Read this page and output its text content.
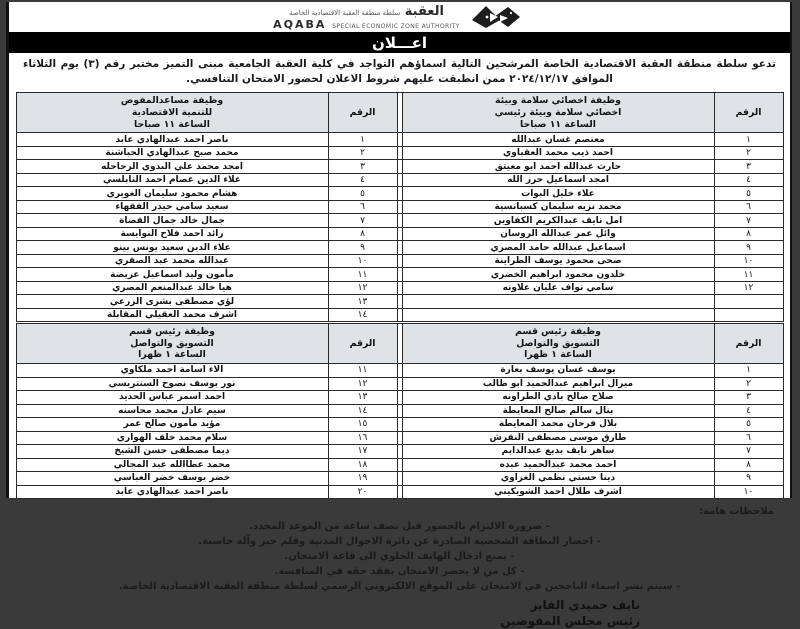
العقبة سلطة منطقة العقبة الاقتصادية الخاصة
AQABA SPECIAL ECONOMIC ZONE AUTHORITY
اعـــلان
تدعو سلطة منطقة العقبة الاقتصادية الخاصة المرشحين التالية اسماؤهم التواجد في كلية العقبة الجامعية مبنى التميز مختبر رقم (٣) يوم الثلاثاء الموافق ٢٠٢٤/١٢/١٧ ممن انطبقت عليهم شروط الاعلان لحضور الامتحان التنافسي.
الرقم	وظيفة اخصائي سلامة وبيئة
اخصائي سلامة وبيئة رئيسي
الساعة ١١ صباحا		الرقم	وظيفة مساعدالمفوض
للتنمية الاقتصادية
الساعة ١١ صباحا

١	معتصم غسان عبدالله		١	ناصر احمد عبدالهادي عابد
٢	احمد ذيب محمد العقباوي		٢	محمد صبح عبدالهادي الحباشنة
٣	حارث عبدالله احمد ابو معيتق		٣	امجد محمد علي البدوي الرحاحله
٤	امجد اسماعيل حرز الله		٤	علاء الدين عصام احمد النابلسي
٥	علاء خليل البوات		٥	هشام محمود سليمان الغويري
٦	محمد نزيه سليمان كسبانسية		٦	سعيد سامي حيدر الفقهاء
٧	امل نايف عبدالكريم الكفاوين		٧	جمال خالد جمال القضاة
٨	وائل عمر عبدالله الروسان		٨	رائد احمد فلاح النوايسة
٩	اسماعيل عبدالله حامد المصري		٩	علاء الدين سعيد يونس بينو
١٠	ضحى محمود يوسف الطراينة		١٠	عبدالله محمد عبد الصقري
١١	خلدون محمود ابراهيم الخضري		١١	مأمون وليد اسماعيل عريضة
١٢	سامي نواف عليان علاونه		١٢	هيا خالد عبدالمنعم المصري
			١٣	لؤي مصطفى بشرى الزرعي
			١٤	اشرف محمد العقيلي المقابلة
الرقم	وظيفة رئيس قسم
التسويق والتواصل
الساعة ١ ظهرا		الرقم	وظيفة رئيس قسم
التسويق والتواصل
الساعة ١ ظهرا

١	يوسف غسان يوسف بعارة		١١	الاء اسامة احمد ملكاوي
٢	ميرال ابراهيم عبدالحميد ابو طالب		١٢	نور يوسف نصوح السنتريسي
٣	صلاح صالح بادي الطراونه		١٣	احمد اسمر عباس الحديد
٤	بنال سالم صالح المعايطة		١٤	سيم عادل محمد محاسنه
٥	بلال فرحان محمد المعايطة		١٥	مؤيد مأمون صالح عمر
٦	طارق موسى مصطفى النقرش		١٦	سلام محمد خلف الهواري
٧	ساهر نايف بديع عبدالدايم		١٧	ديما مصطفى حسن الشيخ
٨	احمد محمد عبدالحميد عبده		١٨	محمد عطاالله عبد المجالي
٩	دينا حسني نظمي الغزاوي		١٩	خضر يوسف خضر العباسي
١٠	اشرف طلال احمد الشويكيني		٢٠	ناصر احمد عبدالهادي عابد
ملاحظات هامة:
- ضرورة الالتزام بالحضور قبل نصف ساعة من الموعد المحدد.
- احضار البطاقة الشخصية الصادرة عن دائرة الاحوال المدنية وقلم حبر وآلة حاسبة.
- يمنع ادخال الهاتف الخلوي الى قاعة الامتحان.
- كل من لا يحضر الامتحان يفقد حقه في المنافسة.
- سيتم نشر اسماء الناجحين في الامتحان على الموقع الالكتروني الرسمي لسلطة منطقة العقبة الاقتصادية الخاصة.
نايف حميدي الفايز
رئيس مجلس المفوضين
